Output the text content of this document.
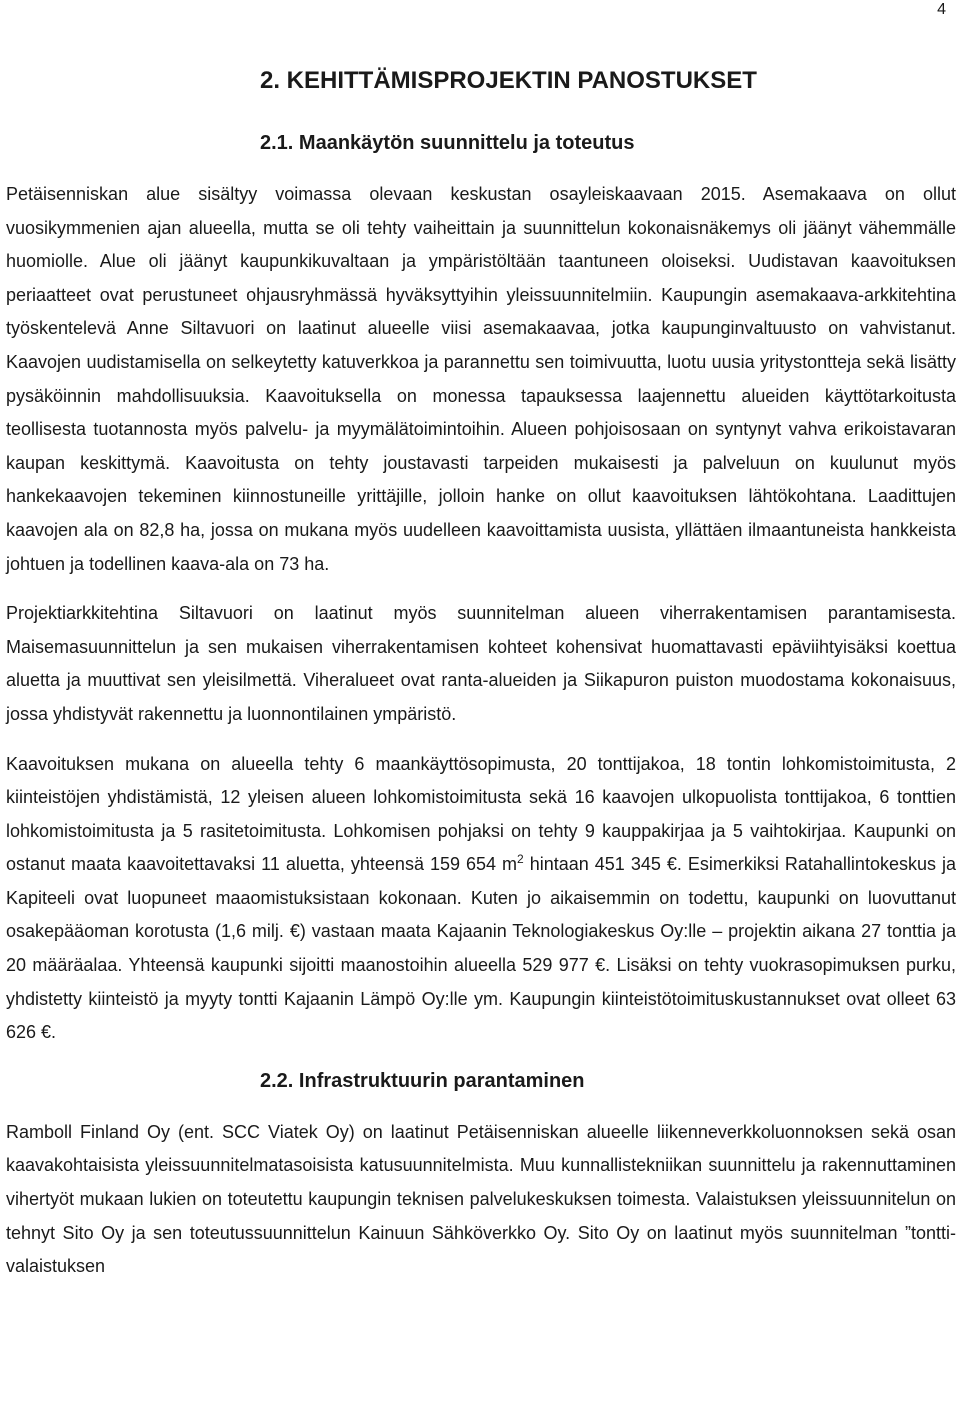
4
2. KEHITTÄMISPROJEKTIN PANOSTUKSET
2.1. Maankäytön suunnittelu ja toteutus

Petäisenniskan alue sisältyy voimassa olevaan keskustan osayleiskaavaan 2015. Asemakaava on ollut vuosikymmenien ajan alueella, mutta se oli tehty vaiheittain ja suunnittelun kokonaisnäkemys oli jäänyt vähemmälle huomiolle. Alue oli jäänyt kaupunkikuvaltaan ja ympäristöltään taantuneen oloiseksi. Uudistavan kaavoituksen periaatteet ovat perustuneet ohjausryhmässä hyväksyttyihin yleissuunnitelmiin. Kaupungin asemakaava-arkkitehtina työskentelevä Anne Siltavuori on laatinut alueelle viisi asemakaavaa, jotka kaupunginvaltuusto on vahvistanut. Kaavojen uudistamisella on selkeytetty katuverkkoa ja parannettu sen toimivuutta, luotu uusia yritystontteja sekä lisätty pysäköinnin mahdollisuuksia. Kaavoituksella on monessa tapauksessa laajennettu alueiden käyttötarkoitusta teollisesta tuotannosta myös palvelu- ja myymälätoimintoihin. Alueen pohjoisosaan on syntynyt vahva erikoistavaran kaupan keskittymä. Kaavoitusta on tehty joustavasti tarpeiden mukaisesti ja palveluun on kuulunut myös hankekaavojen tekeminen kiinnostuneille yrittäjille, jolloin hanke on ollut kaavoituksen lähtökohtana. Laadittujen kaavojen ala on 82,8 ha, jossa on mukana myös uudelleen kaavoittamista uusista, yllättäen ilmaantuneista hankkeista johtuen ja todellinen kaava-ala on 73 ha.

Projektiarkkitehtina Siltavuori on laatinut myös suunnitelman alueen viherrakentamisen parantamisesta. Maisemasuunnittelun ja sen mukaisen viherrakentamisen kohteet kohensivat huomattavasti epäviihtyisäksi koettua aluetta ja muuttivat sen yleisilmettä. Viheralueet ovat ranta-alueiden ja Siikapuron puiston muodostama kokonaisuus, jossa yhdistyvät rakennettu ja luonnontilainen ympäristö.

Kaavoituksen mukana on alueella tehty 6 maankäyttösopimusta, 20 tonttijakoa, 18 tontin lohkomistoimitusta, 2 kiinteistöjen yhdistämistä, 12 yleisen alueen lohkomistoimitusta sekä 16 kaavojen ulkopuolista tonttijakoa, 6 tonttien lohkomistoimitusta ja 5 rasitetoimitusta. Lohkomisen pohjaksi on tehty 9 kauppakirjaa ja 5 vaihtokirjaa. Kaupunki on ostanut maata kaavoitettavaksi 11 aluetta, yhteensä 159 654 $m^2$ hintaan 451 345 €. Esimerkiksi Ratahallintokeskus ja Kapiteeli ovat luopuneet maaomistuksistaan kokonaan. Kuten jo aikaisemmin on todettu, kaupunki on luovuttanut osakepääoman korotusta (1,6 milj. €) vastaan maata Kajaanin Teknologiakeskus Oy:lle – projektin aikana 27 tonttia ja 20 määräalaa. Yhteensä kaupunki sijoitti maanostoihin alueella 529 977 €. Lisäksi on tehty vuokrasopimuksen purku, yhdistetty kiinteistö ja myyty tontti Kajaanin Lämpö Oy:lle ym. Kaupungin kiinteistötoimituskustannukset ovat olleet 63 626 €.

2.2. Infrastruktuurin parantaminen

Ramboll Finland Oy (ent. SCC Viatek Oy) on laatinut Petäisenniskan alueelle liikenneverkkoluonnoksen sekä osan kaavakohtaisista yleissuunnitelmatasoisista katusuunnitelmista. Muu kunnallistekniikan suunnittelu ja rakennuttaminen vihertyöt mukaan lukien on toteutettu kaupungin teknisen palvelukeskuksen toimesta. Valaistuksen yleissuunnitelun on tehnyt Sito Oy ja sen toteutussuunnittelun Kainuun Sähköverkko Oy. Sito Oy on laatinut myös suunnitelman ”tontti-valaistuksen
